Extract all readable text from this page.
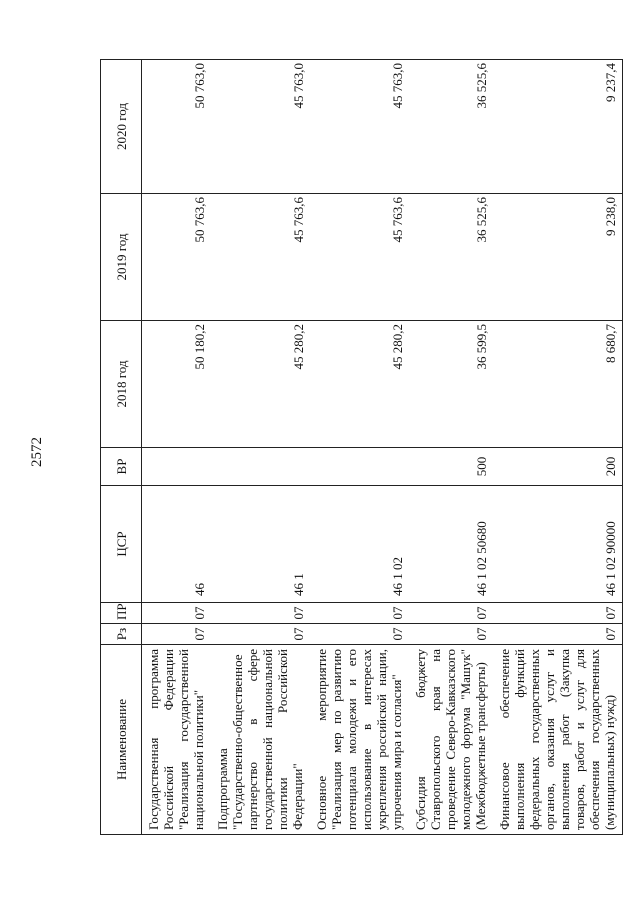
2572
Наименование	Рз	ПР	ЦСР	ВР	2018 год	2019 год	2020 год
Государственная программа Российской Федерации "Реализация государственной национальной политики"	07	07	46		50 180,2	50 763,6	50 763,0
Подпрограмма "Государственно-общественное партнерство в сфере государственной национальной политики Российской Федерации"	07	07	46 1		45 280,2	45 763,6	45 763,0
Основное мероприятие "Реализация мер по развитию потенциала молодежи и его использование в интересах укрепления российской нации, упрочения мира и согласия"	07	07	46 1 02		45 280,2	45 763,6	45 763,0
Субсидия бюджету Ставропольского края на проведение Северо-Кавказского молодежного форума "Машук" (Межбюджетные трансферты)	07	07	46 1 02 50680	500	36 599,5	36 525,6	36 525,6
Финансовое обеспечение выполнения функций федеральных государственных органов, оказания услуг и выполнения работ (Закупка товаров, работ и услуг для обеспечения государственных (муниципальных) нужд)	07	07	46 1 02 90000	200	8 680,7	9 238,0	9 237,4
